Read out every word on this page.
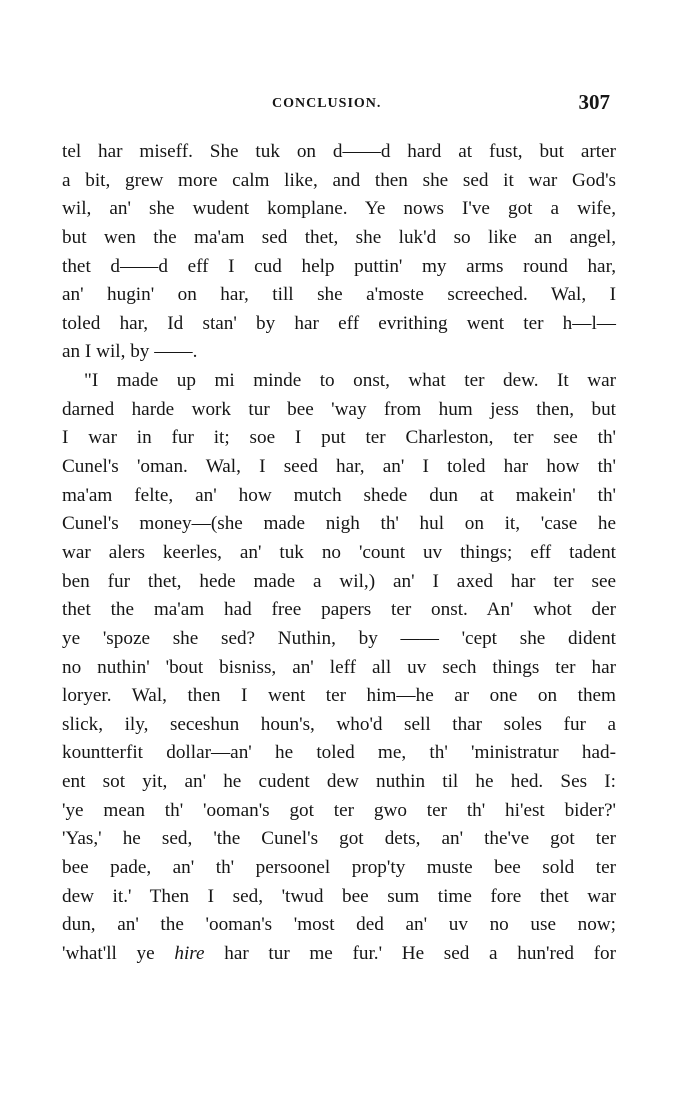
CONCLUSION.	307
tel har miseff. She tuk on d——d hard at fust, but arter
a bit, grew more calm like, and then she sed it war God's
wil, an' she wudent komplane. Ye nows I've got a wife,
but wen the ma'am sed thet, she luk'd so like an angel,
thet d——d eff I cud help puttin' my arms round har,
an' hugin' on har, till she a'moste screeched. Wal, I
toled har, Id stan' by har eff evrithing went ter h—l—
an I wil, by ——.
"I made up mi minde to onst, what ter dew. It war
darned harde work tur bee 'way from hum jess then, but
I war in fur it; soe I put ter Charleston, ter see th'
Cunel's 'oman. Wal, I seed har, an' I toled har how th'
ma'am felte, an' how mutch shede dun at makein' th'
Cunel's money—(she made nigh th' hul on it, 'case he
war alers keerles, an' tuk no 'count uv things; eff tadent
ben fur thet, hede made a wil,) an' I axed har ter see
thet the ma'am had free papers ter onst. An' whot der
ye 'spoze she sed? Nuthin, by —— 'cept she dident
no nuthin' 'bout bisniss, an' leff all uv sech things ter har
loryer. Wal, then I went ter him—he ar one on them
slick, ily, seceshun houn's, who'd sell thar soles fur a
kountterfit dollar—an' he toled me, th' 'ministratur had-
ent sot yit, an' he cudent dew nuthin til he hed. Ses I:
'ye mean th' 'ooman's got ter gwo ter th' hi'est bider?'
'Yas,' he sed, 'the Cunel's got dets, an' the've got ter
bee pade, an' th' persoonel prop'ty muste bee sold ter
dew it.' Then I sed, 'twud bee sum time fore thet war
dun, an' the 'ooman's 'most ded an' uv no use now;
'what'll ye hire har tur me fur.' He sed a hun'red for
